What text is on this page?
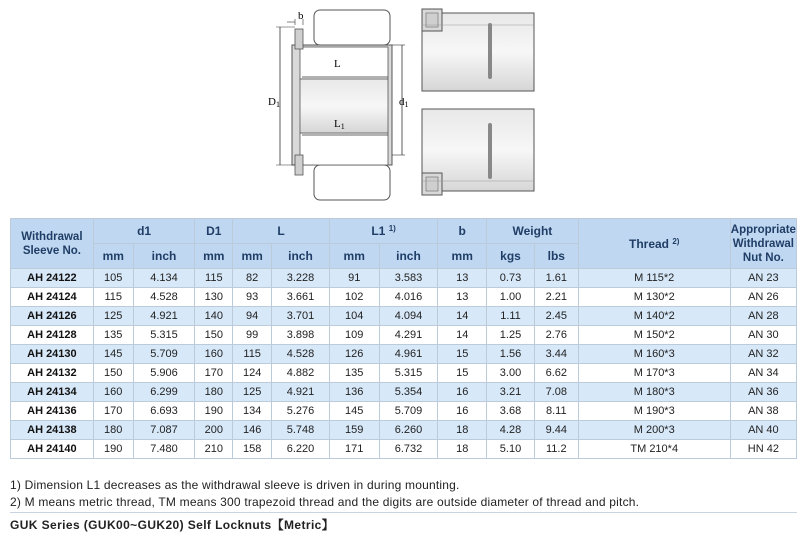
b
L
L1
D1	d1
Withdrawal
Sleeve No.	d1		D1	L		L1 $^{1)}$		b	Weight		Thread $^{2)}$	Appropriate
Withdrawal
Nut No.
	mm	inch	mm	mm	inch	mm	inch	mm	kgs	lbs		
AH 24122	105	4.134	115	82	3.228	91	3.583	13	0.73	1.61	M 115*2	AN 23
AH 24124	115	4.528	130	93	3.661	102	4.016	13	1.00	2.21	M 130*2	AN 26
AH 24126	125	4.921	140	94	3.701	104	4.094	14	1.11	2.45	M 140*2	AN 28
AH 24128	135	5.315	150	99	3.898	109	4.291	14	1.25	2.76	M 150*2	AN 30
AH 24130	145	5.709	160	115	4.528	126	4.961	15	1.56	3.44	M 160*3	AN 32
AH 24132	150	5.906	170	124	4.882	135	5.315	15	3.00	6.62	M 170*3	AN 34
AH 24134	160	6.299	180	125	4.921	136	5.354	16	3.21	7.08	M 180*3	AN 36
AH 24136	170	6.693	190	134	5.276	145	5.709	16	3.68	8.11	M 190*3	AN 38
AH 24138	180	7.087	200	146	5.748	159	6.260	18	4.28	9.44	M 200*3	AN 40
AH 24140	190	7.480	210	158	6.220	171	6.732	18	5.10	11.2	TM 210*4	HN 42
1) Dimension L1 decreases as the withdrawal sleeve is driven in during mounting.
2) M means metric thread, TM means 300 trapezoid thread and the digits are outside diameter of thread and pitch.
GUK Series (GUK00~GUK20) Self Locknuts【Metric】
